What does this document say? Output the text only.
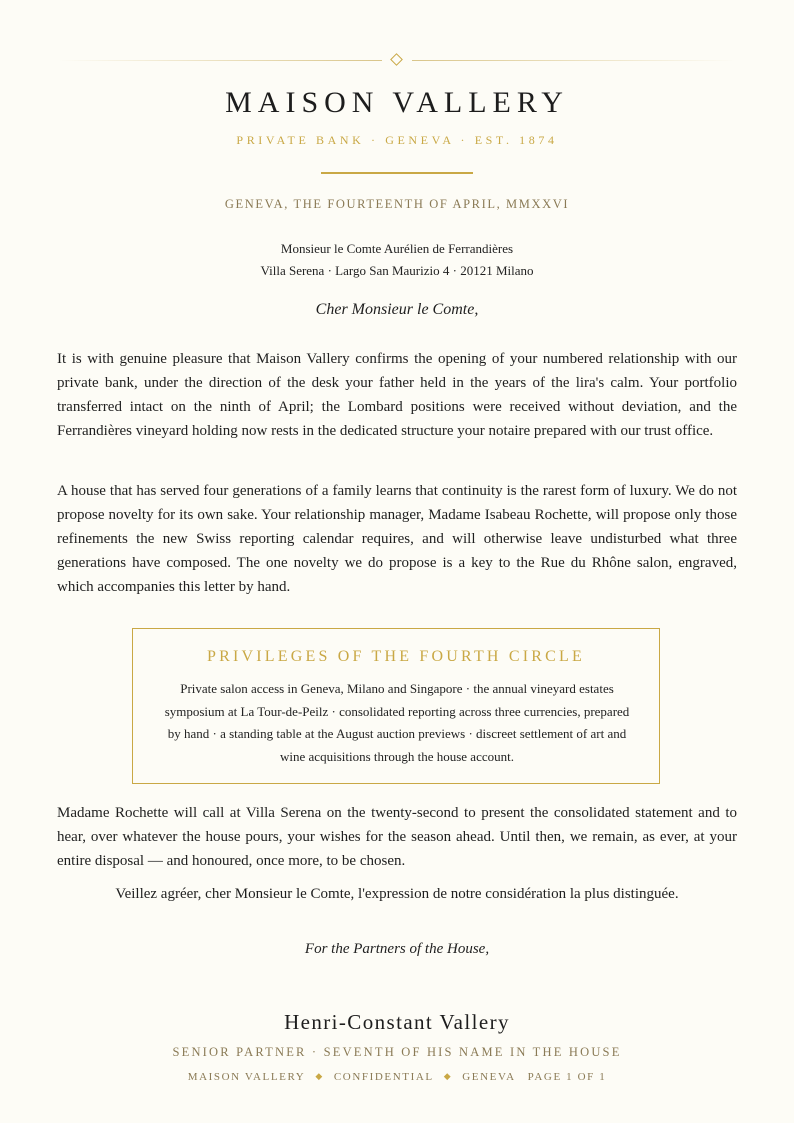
MAISON VALLERY
PRIVATE BANK · GENEVA · EST. 1874
GENEVA, THE FOURTEENTH OF APRIL, MMXXVI
Monsieur le Comte Aurélien de Ferrandières
Villa Serena · Largo San Maurizio 4 · 20121 Milano
Cher Monsieur le Comte,

It is with genuine pleasure that Maison Vallery confirms the opening of your numbered relationship with our private bank, under the direction of the desk your father held in the years of the lira's calm. Your portfolio transferred intact on the ninth of April; the Lombard positions were received without deviation, and the Ferrandières vineyard holding now rests in the dedicated structure your notaire prepared with our trust office.

A house that has served four generations of a family learns that continuity is the rarest form of luxury. We do not propose novelty for its own sake. Your relationship manager, Madame Isabeau Rochette, will propose only those refinements the new Swiss reporting calendar requires, and will otherwise leave undisturbed what three generations have composed. The one novelty we do propose is a key to the Rue du Rhône salon, engraved, which accompanies this letter by hand.

PRIVILEGES OF THE FOURTH CIRCLE
Private salon access in Geneva, Milano and Singapore · the annual vineyard estates symposium at La Tour-de-Peilz · consolidated reporting across three currencies, prepared by hand · a standing table at the August auction previews · discreet settlement of art and wine acquisitions through the house account.

Madame Rochette will call at Villa Serena on the twenty-second to present the consolidated statement and to hear, over whatever the house pours, your wishes for the season ahead. Until then, we remain, as ever, at your entire disposal — and honoured, once more, to be chosen.

Veillez agréer, cher Monsieur le Comte, l'expression de notre considération la plus distinguée.
For the Partners of the House,
Henri-Constant Vallery
SENIOR PARTNER · SEVENTH OF HIS NAME IN THE HOUSE
MAISON VALLERY ◆ CONFIDENTIAL ◆ GENEVA PAGE 1 OF 1
